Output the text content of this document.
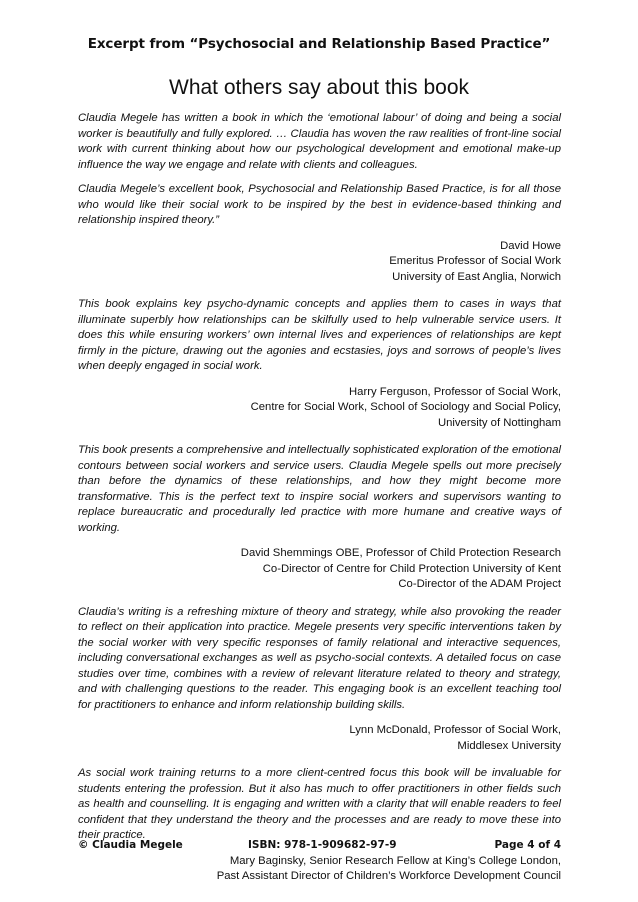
Excerpt from “Psychosocial and Relationship Based Practice”
What others say about this book

Claudia Megele has written a book in which the ‘emotional labour’ of doing and being a social worker is beautifully and fully explored. … Claudia has woven the raw realities of front-line social work with current thinking about how our psychological development and emotional make-up influence the way we engage and relate with clients and colleagues.

Claudia Megele’s excellent book, Psychosocial and Relationship Based Practice, is for all those who would like their social work to be inspired by the best in evidence-based thinking and relationship inspired theory.”

David Howe
Emeritus Professor of Social Work
University of East Anglia, Norwich

This book explains key psycho-dynamic concepts and applies them to cases in ways that illuminate superbly how relationships can be skilfully used to help vulnerable service users. It does this while ensuring workers’ own internal lives and experiences of relationships are kept firmly in the picture, drawing out the agonies and ecstasies, joys and sorrows of people’s lives when deeply engaged in social work.

Harry Ferguson, Professor of Social Work,
Centre for Social Work, School of Sociology and Social Policy,
University of Nottingham

This book presents a comprehensive and intellectually sophisticated exploration of the emotional contours between social workers and service users. Claudia Megele spells out more precisely than before the dynamics of these relationships, and how they might become more transformative. This is the perfect text to inspire social workers and supervisors wanting to replace bureaucratic and procedurally led practice with more humane and creative ways of working.

David Shemmings OBE, Professor of Child Protection Research
Co-Director of Centre for Child Protection University of Kent
Co-Director of the ADAM Project

Claudia’s writing is a refreshing mixture of theory and strategy, while also provoking the reader to reflect on their application into practice. Megele presents very specific interventions taken by the social worker with very specific responses of family relational and interactive sequences, including conversational exchanges as well as psycho-social contexts. A detailed focus on case studies over time, combines with a review of relevant literature related to theory and strategy, and with challenging questions to the reader. This engaging book is an excellent teaching tool for practitioners to enhance and inform relationship building skills.

Lynn McDonald, Professor of Social Work,
Middlesex University

As social work training returns to a more client-centred focus this book will be invaluable for students entering the profession. But it also has much to offer practitioners in other fields such as health and counselling. It is engaging and written with a clarity that will enable readers to feel confident that they understand the theory and the processes and are ready to move these into their practice.

Mary Baginsky, Senior Research Fellow at King’s College London,
Past Assistant Director of Children’s Workforce Development Council
© Claudia Megele	ISBN: 978-1-909682-97-9	Page 4 of 4
